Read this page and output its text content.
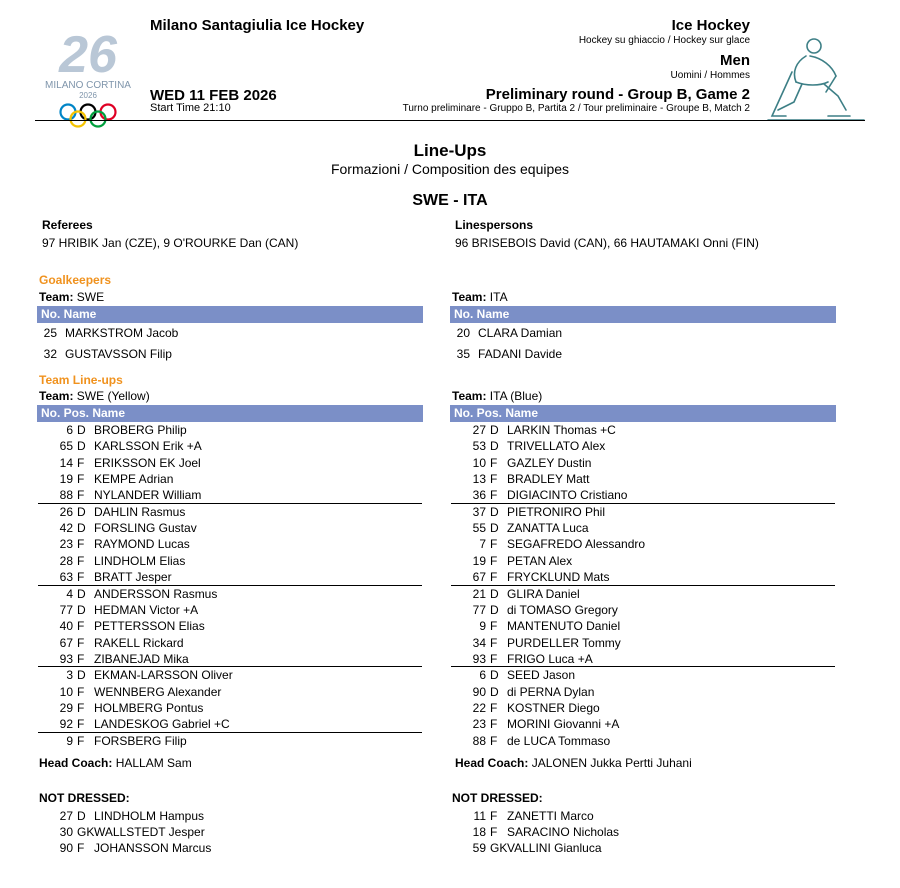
26
MILANO CORTINA
2026
Milano Santagiulia Ice Hockey
WED 11 FEB 2026
Start Time 21:10
Ice Hockey
Hockey su ghiaccio / Hockey sur glace
Men
Uomini / Hommes
Preliminary round - Group B, Game 2
Turno preliminare - Gruppo B, Partita 2 / Tour preliminaire - Groupe B, Match 2
Line-Ups
Formazioni / Composition des equipes
SWE - ITA
Referees
97 HRIBIK Jan (CZE), 9 O'ROURKE Dan (CAN)
Linespersons
96 BRISEBOIS David (CAN), 66 HAUTAMAKI Onni (FIN)
Goalkeepers
Team: SWE	Team: ITA
No. Name	No. Name
25 MARKSTROM Jacob
32 GUSTAVSSON Filip
20 CLARA Damian
35 FADANI Davide
Team Line-ups
Team: SWE (Yellow)	Team: ITA (Blue)
No. Pos. Name	No. Pos. Name
6 D BROBERG Philip
65 D KARLSSON Erik +A
14 F ERIKSSON EK Joel
19 F KEMPE Adrian
88 F NYLANDER William
26 D DAHLIN Rasmus
42 D FORSLING Gustav
23 F RAYMOND Lucas
28 F LINDHOLM Elias
63 F BRATT Jesper
4 D ANDERSSON Rasmus
77 D HEDMAN Victor +A
40 F PETTERSSON Elias
67 F RAKELL Rickard
93 F ZIBANEJAD Mika
3 D EKMAN-LARSSON Oliver
10 F WENNBERG Alexander
29 F HOLMBERG Pontus
92 F LANDESKOG Gabriel +C
9 F FORSBERG Filip
27 D LARKIN Thomas +C
53 D TRIVELLATO Alex
10 F GAZLEY Dustin
13 F BRADLEY Matt
36 F DIGIACINTO Cristiano
37 D PIETRONIRO Phil
55 D ZANATTA Luca
7 F SEGAFREDO Alessandro
19 F PETAN Alex
67 F FRYCKLUND Mats
21 D GLIRA Daniel
77 D di TOMASO Gregory
9 F MANTENUTO Daniel
34 F PURDELLER Tommy
93 F FRIGO Luca +A
6 D SEED Jason
90 D di PERNA Dylan
22 F KOSTNER Diego
23 F MORINI Giovanni +A
88 F de LUCA Tommaso
Head Coach: HALLAM Sam	Head Coach: JALONEN Jukka Pertti Juhani
NOT DRESSED:	NOT DRESSED:
27 D LINDHOLM Hampus
30 GK WALLSTEDT Jesper
90 F JOHANSSON Marcus
11 F ZANETTI Marco
18 F SARACINO Nicholas
59 GK VALLINI Gianluca
